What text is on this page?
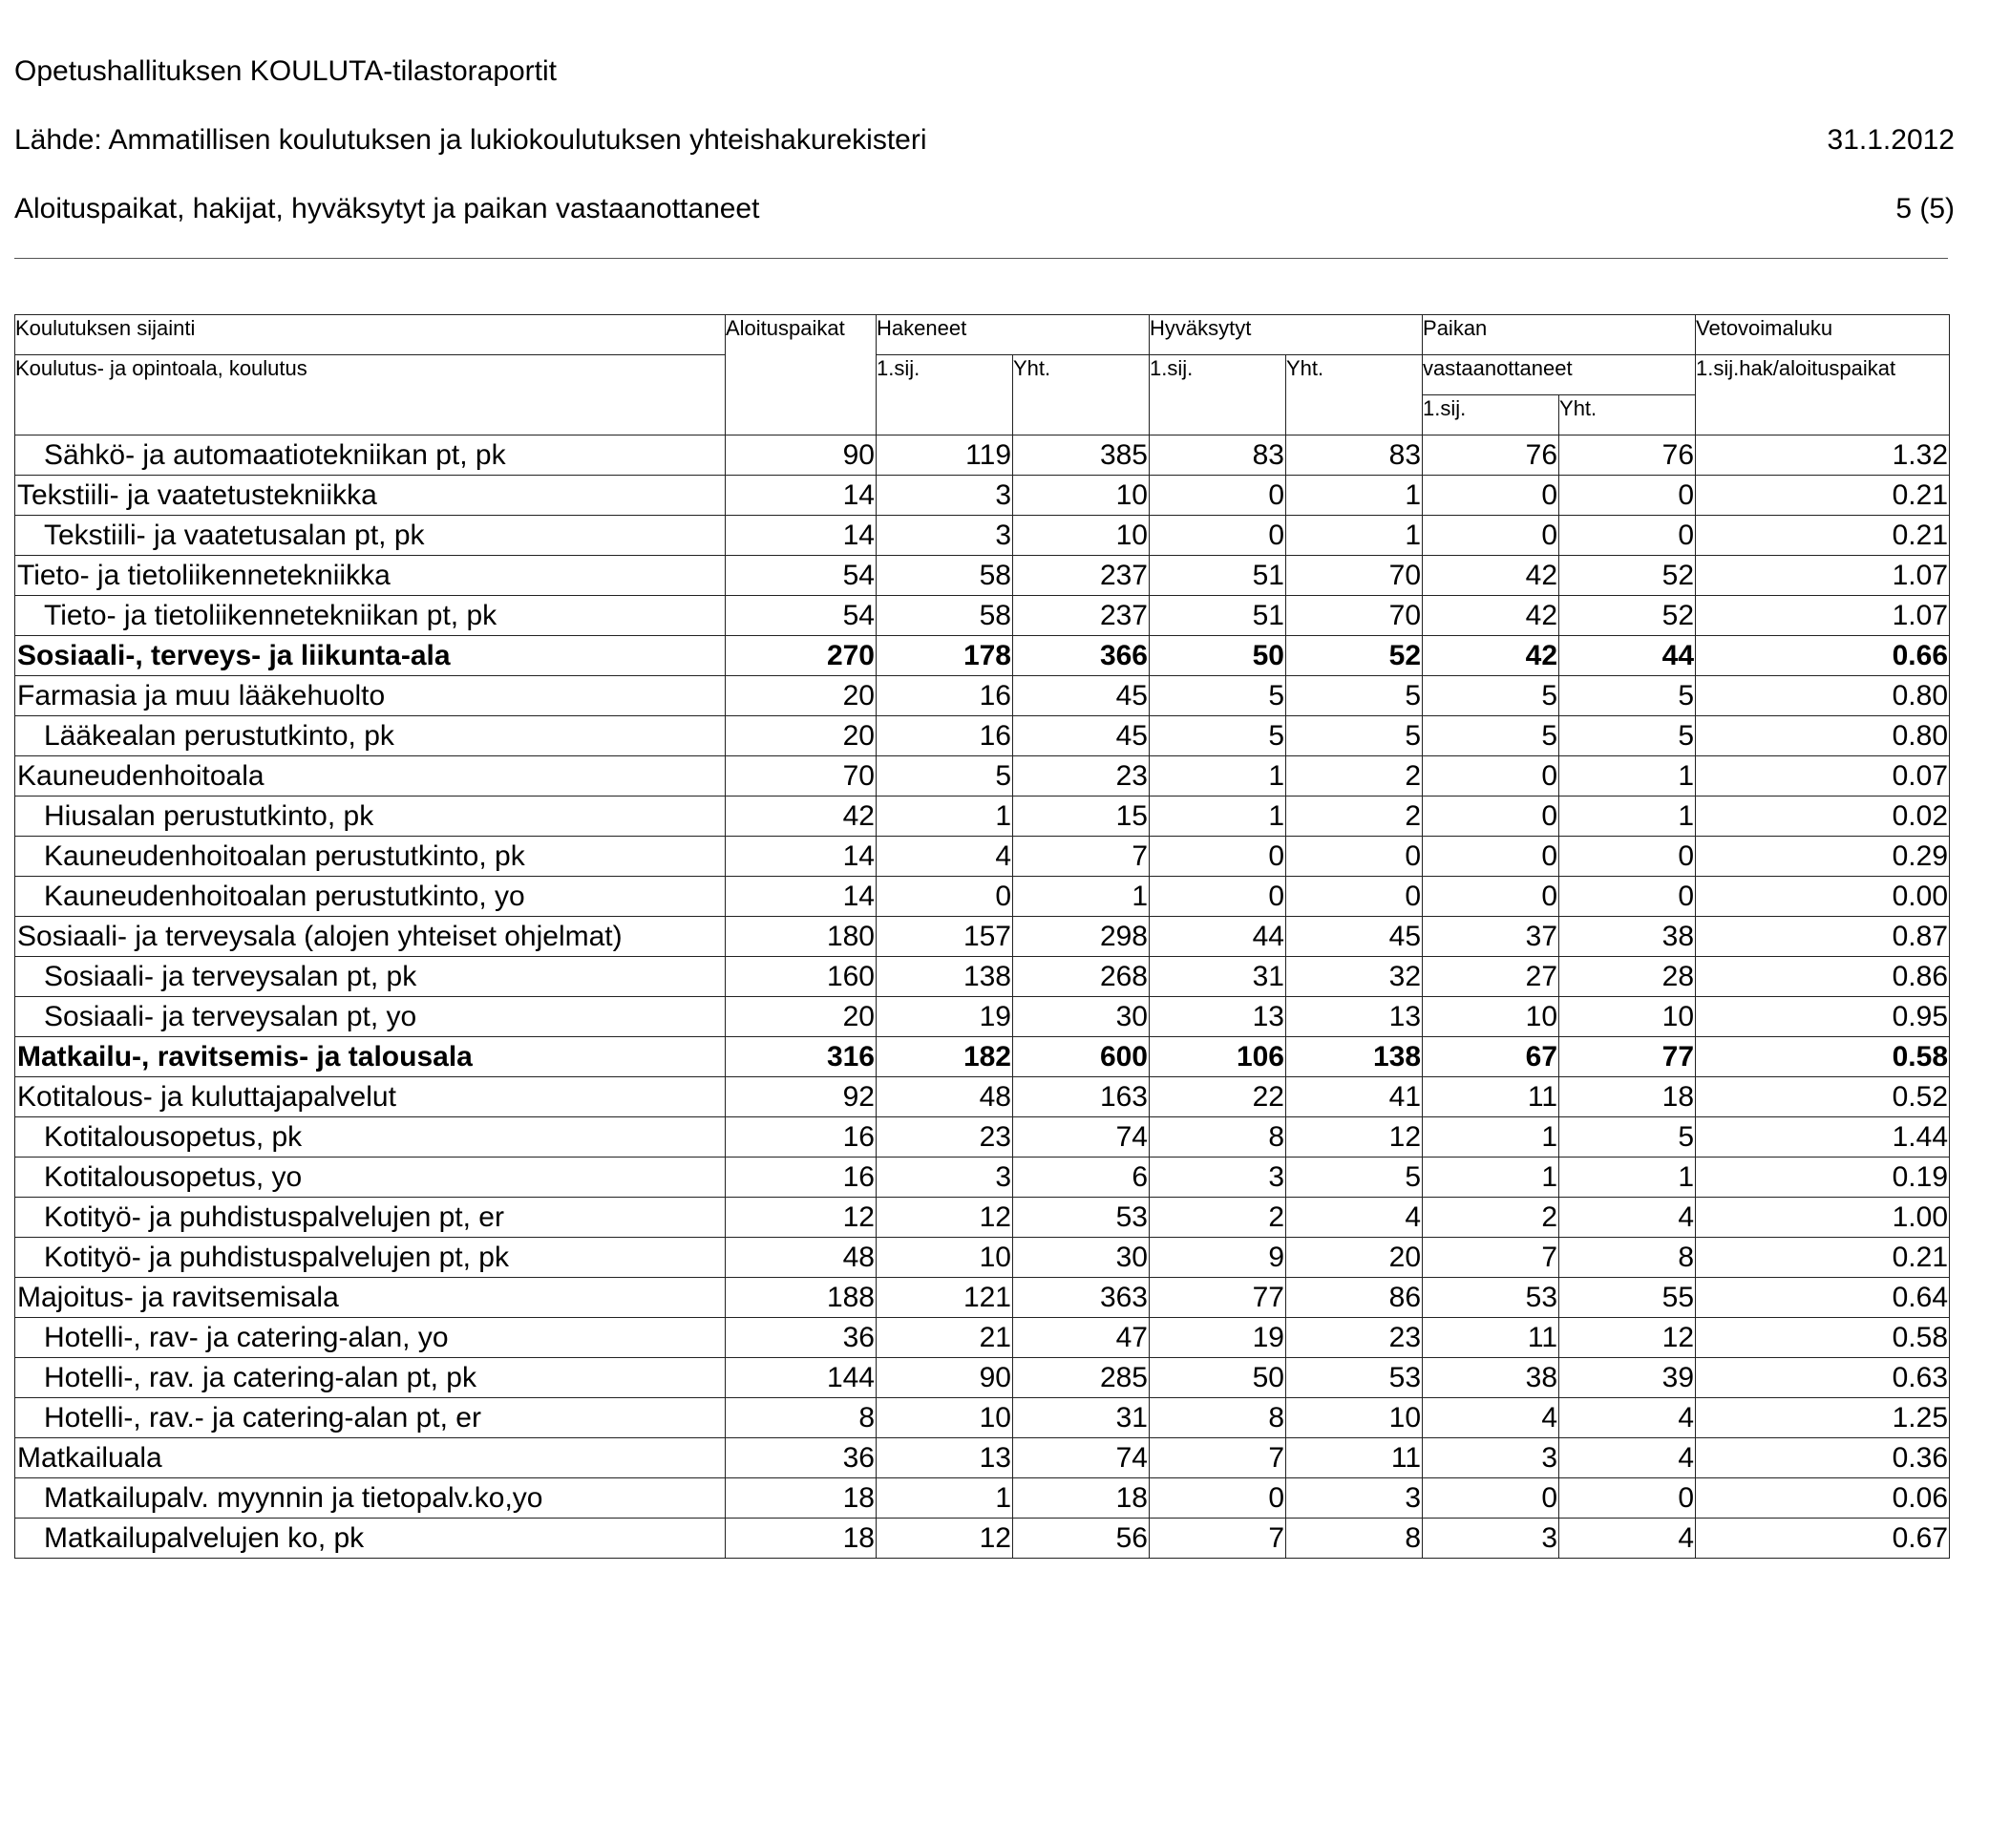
Opetushallituksen KOULUTA-tilastoraportit
Lähde: Ammatillisen koulutuksen ja lukiokoulutuksen yhteishakurekisteri	31.1.2012
Aloituspaikat, hakijat, hyväksytyt ja paikan vastaanottaneet	5 (5)
Koulutuksen sijainti	Aloituspaikat	Hakeneet		Hyväksytyt		Paikan		Vetovoimaluku
Koulutus- ja opintoala, koulutus		1.sij.	Yht.	1.sij.	Yht.	vastaanottaneet		1.sij.hak/aloituspaikat
						1.sij.	Yht.	
Sähkö- ja automaatiotekniikan pt, pk	90	119	385	83	83	76	76	1.32
Tekstiili- ja vaatetustekniikka	14	3	10	0	1	0	0	0.21
Tekstiili- ja vaatetusalan pt, pk	14	3	10	0	1	0	0	0.21
Tieto- ja tietoliikennetekniikka	54	58	237	51	70	42	52	1.07
Tieto- ja tietoliikennetekniikan pt, pk	54	58	237	51	70	42	52	1.07
Sosiaali-, terveys- ja liikunta-ala	270	178	366	50	52	42	44	0.66
Farmasia ja muu lääkehuolto	20	16	45	5	5	5	5	0.80
Lääkealan perustutkinto, pk	20	16	45	5	5	5	5	0.80
Kauneudenhoitoala	70	5	23	1	2	0	1	0.07
Hiusalan perustutkinto, pk	42	1	15	1	2	0	1	0.02
Kauneudenhoitoalan perustutkinto, pk	14	4	7	0	0	0	0	0.29
Kauneudenhoitoalan perustutkinto, yo	14	0	1	0	0	0	0	0.00
Sosiaali- ja terveysala (alojen yhteiset ohjelmat)	180	157	298	44	45	37	38	0.87
Sosiaali- ja terveysalan pt, pk	160	138	268	31	32	27	28	0.86
Sosiaali- ja terveysalan pt, yo	20	19	30	13	13	10	10	0.95
Matkailu-, ravitsemis- ja talousala	316	182	600	106	138	67	77	0.58
Kotitalous- ja kuluttajapalvelut	92	48	163	22	41	11	18	0.52
Kotitalousopetus, pk	16	23	74	8	12	1	5	1.44
Kotitalousopetus, yo	16	3	6	3	5	1	1	0.19
Kotityö- ja puhdistuspalvelujen pt, er	12	12	53	2	4	2	4	1.00
Kotityö- ja puhdistuspalvelujen pt, pk	48	10	30	9	20	7	8	0.21
Majoitus- ja ravitsemisala	188	121	363	77	86	53	55	0.64
Hotelli-, rav- ja catering-alan, yo	36	21	47	19	23	11	12	0.58
Hotelli-, rav. ja catering-alan pt, pk	144	90	285	50	53	38	39	0.63
Hotelli-, rav.- ja catering-alan pt, er	8	10	31	8	10	4	4	1.25
Matkailuala	36	13	74	7	11	3	4	0.36
Matkailupalv. myynnin ja tietopalv.ko,yo	18	1	18	0	3	0	0	0.06
Matkailupalvelujen ko, pk	18	12	56	7	8	3	4	0.67
